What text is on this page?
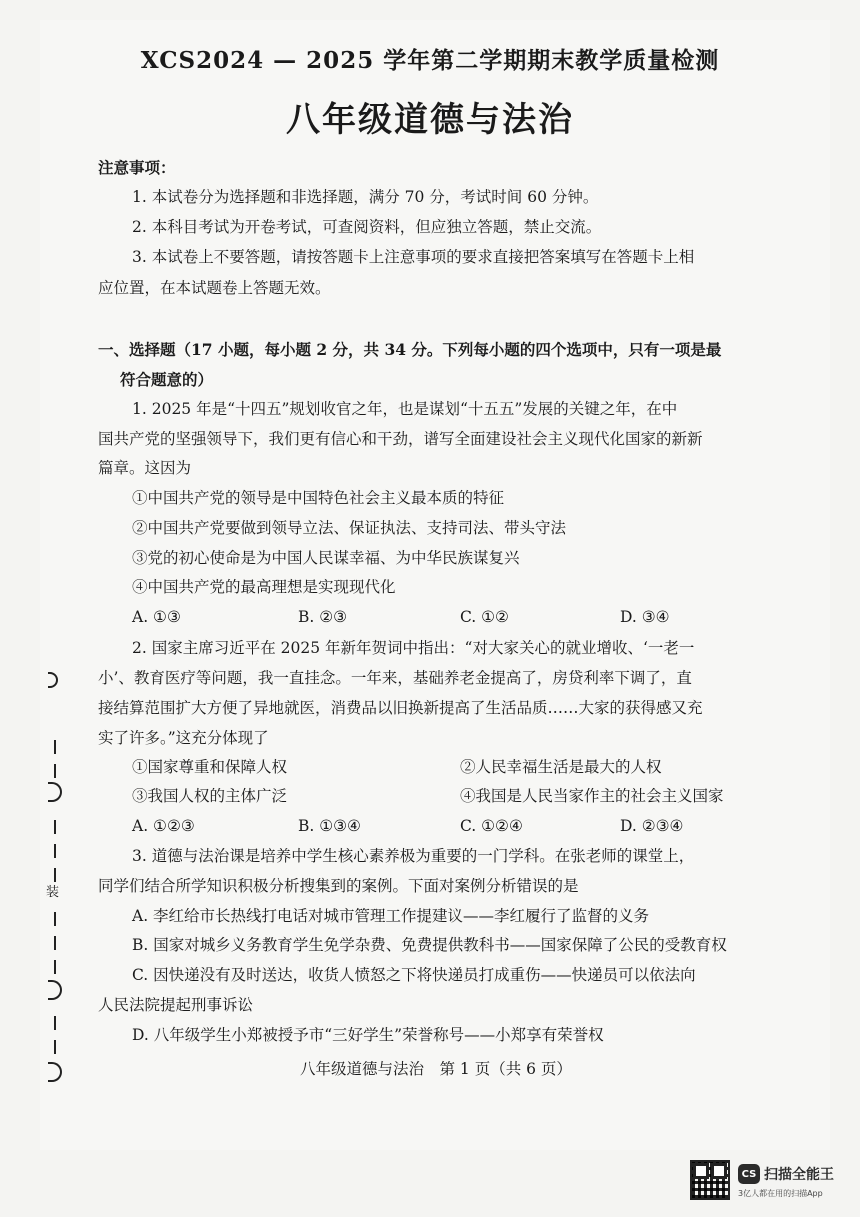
XCS2024 — 2025 学年第二学期期末教学质量检测
八年级道德与法治
注意事项：
1. 本试卷分为选择题和非选择题，满分 70 分，考试时间 60 分钟。
2. 本科目考试为开卷考试，可查阅资料，但应独立答题，禁止交流。
3. 本试卷上不要答题，请按答题卡上注意事项的要求直接把答案填写在答题卡上相
应位置，在本试题卷上答题无效。
一、选择题（17 小题，每小题 2 分，共 34 分。下列每小题的四个选项中，只有一项是最
符合题意的）
1. 2025 年是“十四五”规划收官之年，也是谋划“十五五”发展的关键之年，在中
国共产党的坚强领导下，我们更有信心和干劲，谱写全面建设社会主义现代化国家的新新
篇章。这因为
①中国共产党的领导是中国特色社会主义最本质的特征
②中国共产党要做到领导立法、保证执法、支持司法、带头守法
③党的初心使命是为中国人民谋幸福、为中华民族谋复兴
④中国共产党的最高理想是实现现代化
A. ①③	B. ②③	C. ①②	D. ③④
2. 国家主席习近平在 2025 年新年贺词中指出：“对大家关心的就业增收、‘一老一
小’、教育医疗等问题，我一直挂念。一年来，基础养老金提高了，房贷利率下调了，直
接结算范围扩大方便了异地就医，消费品以旧换新提高了生活品质……大家的获得感又充
实了许多。”这充分体现了
①国家尊重和保障人权	②人民幸福生活是最大的人权
③我国人权的主体广泛	④我国是人民当家作主的社会主义国家
A. ①②③	B. ①③④	C. ①②④	D. ②③④
3. 道德与法治课是培养中学生核心素养极为重要的一门学科。在张老师的课堂上，
同学们结合所学知识积极分析搜集到的案例。下面对案例分析错误的是
A. 李红给市长热线打电话对城市管理工作提建议——李红履行了监督的义务
B. 国家对城乡义务教育学生免学杂费、免费提供教科书——国家保障了公民的受教育权
C. 因快递没有及时送达，收货人愤怒之下将快递员打成重伤——快递员可以依法向
人民法院提起刑事诉讼
D. 八年级学生小郑被授予市“三好学生”荣誉称号——小郑享有荣誉权
八年级道德与法治　第 1 页（共 6 页）
装
CS 扫描全能王
3亿人都在用的扫描App
